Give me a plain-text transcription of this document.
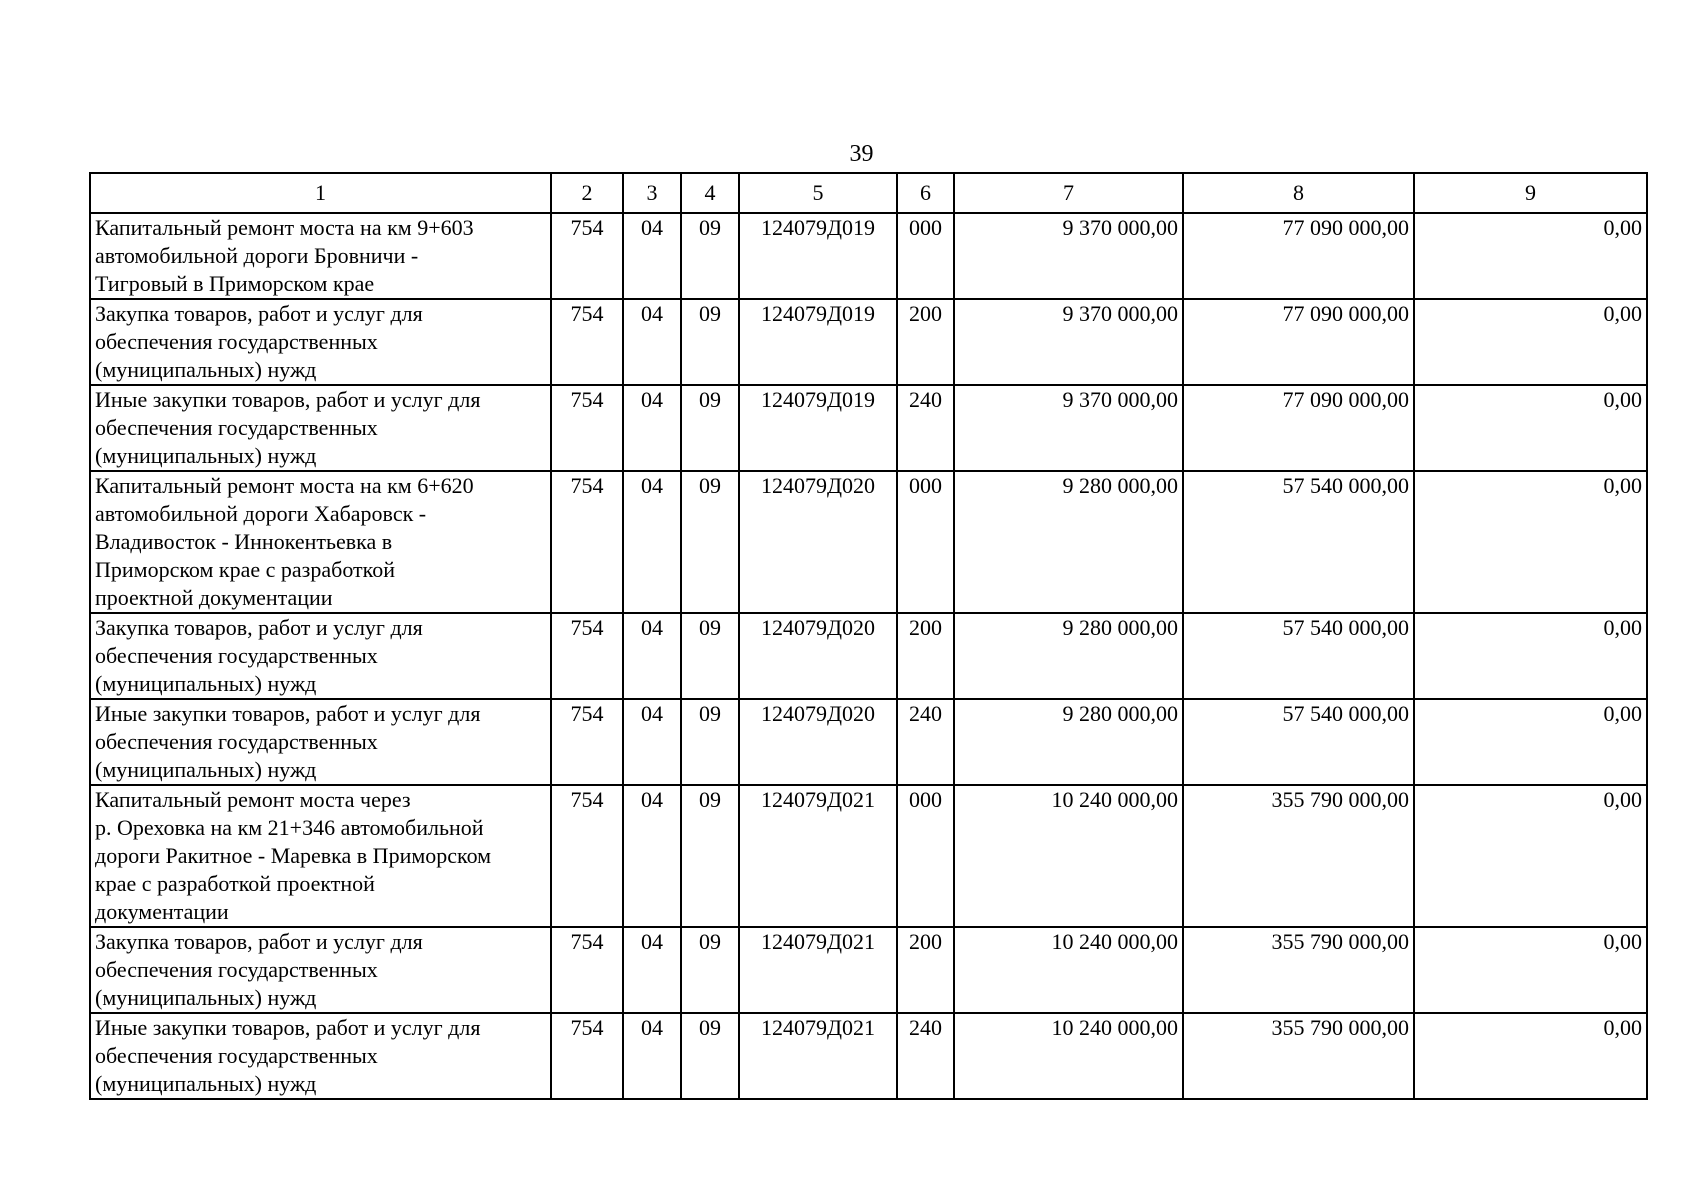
39
1	2	3	4	5	6	7	8	9
Капитальный ремонт моста на км 9+603
автомобильной дороги Бровничи -
Тигровый в Приморском крае	754	04	09	124079Д019	000	9 370 000,00	77 090 000,00	0,00
Закупка товаров, работ и услуг для
обеспечения государственных
(муниципальных) нужд	754	04	09	124079Д019	200	9 370 000,00	77 090 000,00	0,00
Иные закупки товаров, работ и услуг для
обеспечения государственных
(муниципальных) нужд	754	04	09	124079Д019	240	9 370 000,00	77 090 000,00	0,00
Капитальный ремонт моста на км 6+620
автомобильной дороги Хабаровск -
Владивосток - Иннокентьевка в
Приморском крае с разработкой
проектной документации	754	04	09	124079Д020	000	9 280 000,00	57 540 000,00	0,00
Закупка товаров, работ и услуг для
обеспечения государственных
(муниципальных) нужд	754	04	09	124079Д020	200	9 280 000,00	57 540 000,00	0,00
Иные закупки товаров, работ и услуг для
обеспечения государственных
(муниципальных) нужд	754	04	09	124079Д020	240	9 280 000,00	57 540 000,00	0,00
Капитальный ремонт моста через
р. Ореховка на км 21+346 автомобильной
дороги Ракитное - Маревка в Приморском
крае с разработкой проектной
документации	754	04	09	124079Д021	000	10 240 000,00	355 790 000,00	0,00
Закупка товаров, работ и услуг для
обеспечения государственных
(муниципальных) нужд	754	04	09	124079Д021	200	10 240 000,00	355 790 000,00	0,00
Иные закупки товаров, работ и услуг для
обеспечения государственных
(муниципальных) нужд	754	04	09	124079Д021	240	10 240 000,00	355 790 000,00	0,00
